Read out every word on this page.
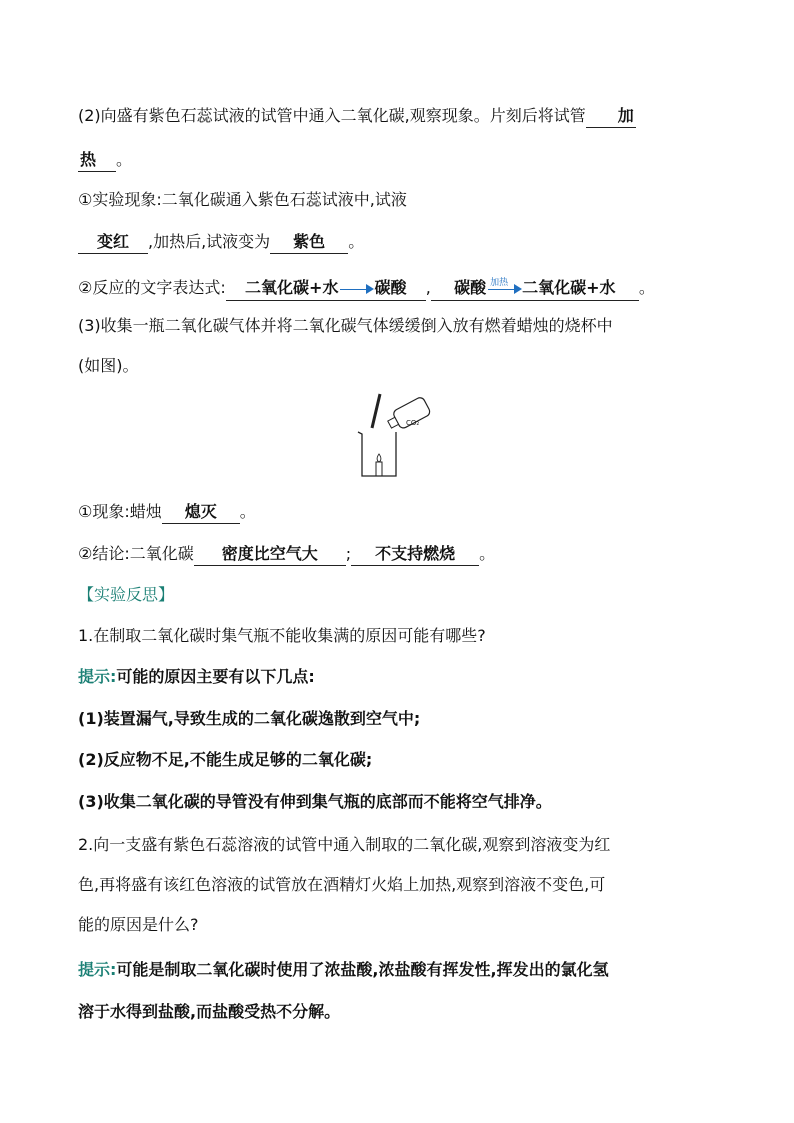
(2)向盛有紫色石蕊试液的试管中通入二氧化碳,观察现象。片刻后将试管 加
热 。
①实验现象:二氧化碳通入紫色石蕊试液中,试液
变红 ,加热后,试液变为 紫色 。
②反应的文字表达式: 二氧化碳+水 碳酸 , 碳酸 加热 二氧化碳+水 。
(3)收集一瓶二氧化碳气体并将二氧化碳气体缓缓倒入放有燃着蜡烛的烧杯中
(如图)。
CO₂
①现象:蜡烛 熄灭 。
②结论:二氧化碳 密度比空气大 ; 不支持燃烧 。
【实验反思】
1.在制取二氧化碳时集气瓶不能收集满的原因可能有哪些?
提示:可能的原因主要有以下几点:
(1)装置漏气,导致生成的二氧化碳逸散到空气中;
(2)反应物不足,不能生成足够的二氧化碳;
(3)收集二氧化碳的导管没有伸到集气瓶的底部而不能将空气排净。
2.向一支盛有紫色石蕊溶液的试管中通入制取的二氧化碳,观察到溶液变为红
色,再将盛有该红色溶液的试管放在酒精灯火焰上加热,观察到溶液不变色,可
能的原因是什么?
提示:可能是制取二氧化碳时使用了浓盐酸,浓盐酸有挥发性,挥发出的氯化氢
溶于水得到盐酸,而盐酸受热不分解。
